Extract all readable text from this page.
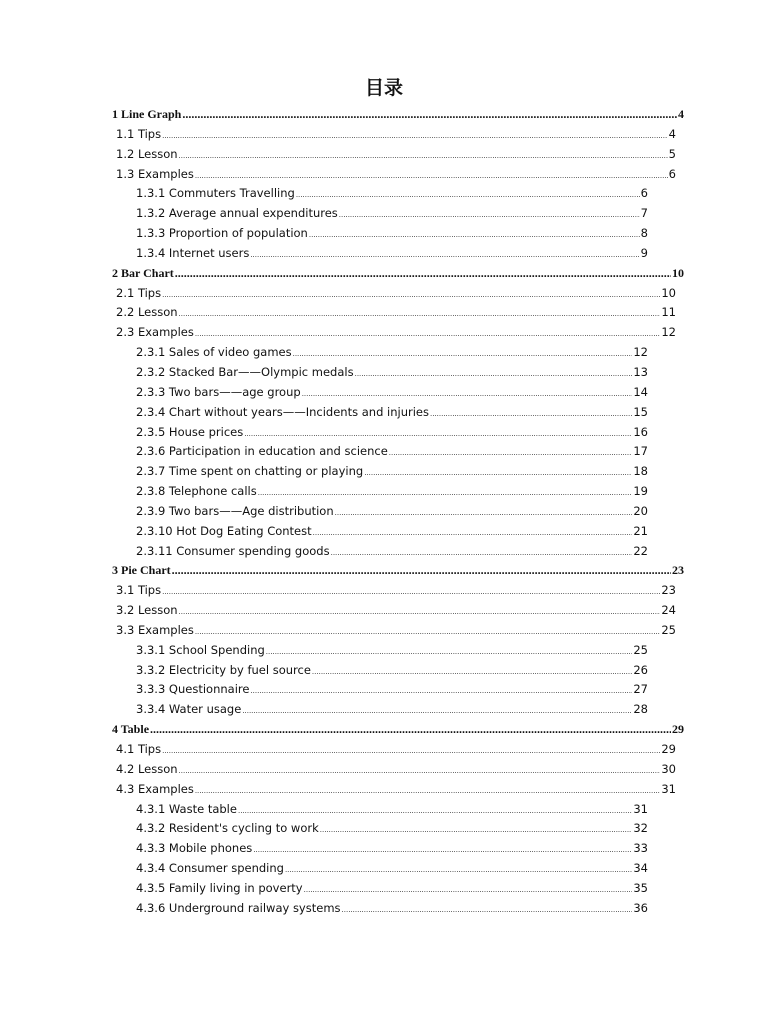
目录
1 Line Graph .....	4
1.1 Tips .....	4
1.2 Lesson .....	5
1.3 Examples .....	6
1.3.1 Commuters Travelling .....	6
1.3.2 Average annual expenditures .....	7
1.3.3 Proportion of population .....	8
1.3.4 Internet users .....	9
2 Bar Chart .....	10
2.1 Tips .....	10
2.2 Lesson .....	11
2.3 Examples .....	12
2.3.1 Sales of video games .....	12
2.3.2 Stacked Bar——Olympic medals .....	13
2.3.3 Two bars——age group .....	14
2.3.4 Chart without years——Incidents and injuries .....	15
2.3.5 House prices .....	16
2.3.6 Participation in education and science .....	17
2.3.7 Time spent on chatting or playing .....	18
2.3.8 Telephone calls .....	19
2.3.9 Two bars——Age distribution .....	20
2.3.10 Hot Dog Eating Contest .....	21
2.3.11 Consumer spending goods .....	22
3 Pie Chart .....	23
3.1 Tips .....	23
3.2 Lesson .....	24
3.3 Examples .....	25
3.3.1 School Spending .....	25
3.3.2 Electricity by fuel source .....	26
3.3.3 Questionnaire .....	27
3.3.4 Water usage .....	28
4 Table .....	29
4.1 Tips .....	29
4.2 Lesson .....	30
4.3 Examples .....	31
4.3.1 Waste table .....	31
4.3.2 Resident's cycling to work .....	32
4.3.3 Mobile phones .....	33
4.3.4 Consumer spending .....	34
4.3.5 Family living in poverty .....	35
4.3.6 Underground railway systems .....	36
